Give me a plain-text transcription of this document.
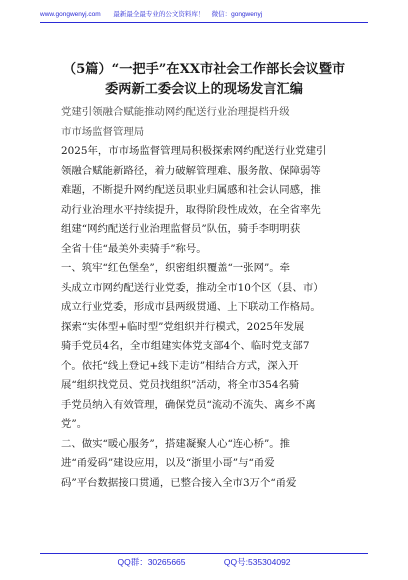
www.gongwenyj.com 最新最全最专业的公文资料库！ 微信：gongwenyj
（5篇）“一把手”在XX市社会工作部长会议暨市
委两新工委会议上的现场发言汇编
党建引领融合赋能推动网约配送行业治理提档升级
市市场监督管理局
2025年，市市场监督管理局积极探索网约配送行业党建引
领融合赋能新路径，着力破解管理难、服务散、保障弱等
难题，不断提升网约配送员职业归属感和社会认同感，推
动行业治理水平持续提升，取得阶段性成效，在全省率先
组建“网约配送行业治理监督员”队伍，骑手李明明获
全省十佳“最美外卖骑手”称号。
一、筑牢“红色堡垒”，织密组织覆盖“一张网”。牵
头成立市网约配送行业党委，推动全市10个区（县、市）
成立行业党委，形成市县两级贯通、上下联动工作格局。
探索“实体型+临时型”党组织并行模式，2025年发展
骑手党员4名，全市组建实体党支部4个、临时党支部7
个。依托“线上登记+线下走访”相结合方式，深入开
展“组织找党员、党员找组织”活动，将全市354名骑
手党员纳入有效管理，确保党员“流动不流失、离乡不离
党”。
二、做实“暖心服务”，搭建凝聚人心“连心桥”。推
进“甬爱码”建设应用，以及“浙里小哥”与“甬爱
码”平台数据接口贯通，已整合接入全市3万个“甬爱
QQ群：30265665	QQ号:535304092
